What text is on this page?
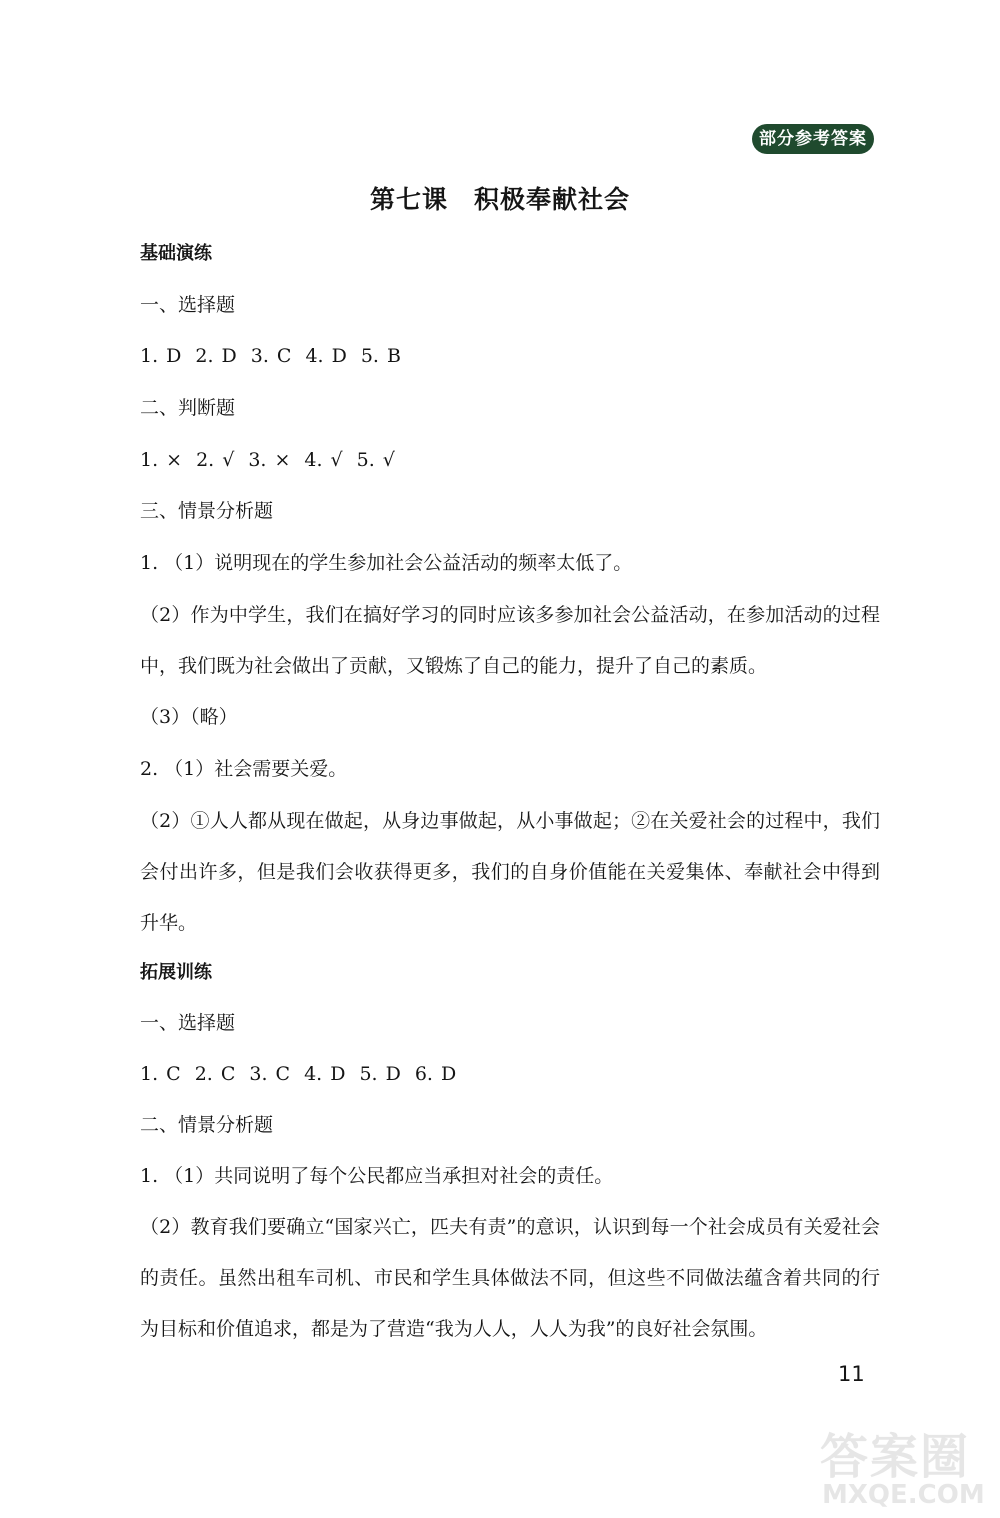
部分参考答案
第七课　积极奉献社会
基础演练
一、选择题
1. D 2. D 3. C 4. D 5. B
二、判断题
1. × 2. √ 3. × 4. √ 5. √
三、情景分析题
1. （1）说明现在的学生参加社会公益活动的频率太低了。
（2）作为中学生，我们在搞好学习的同时应该多参加社会公益活动，在参加活动的过程中，我们既为社会做出了贡献，又锻炼了自己的能力，提升了自己的素质。
（3）（略）
2. （1）社会需要关爱。
（2）①人人都从现在做起，从身边事做起，从小事做起；②在关爱社会的过程中，我们会付出许多，但是我们会收获得更多，我们的自身价值能在关爱集体、奉献社会中得到升华。
拓展训练
一、选择题
1. C 2. C 3. C 4. D 5. D 6. D
二、情景分析题
1. （1）共同说明了每个公民都应当承担对社会的责任。
（2）教育我们要确立“国家兴亡，匹夫有责”的意识，认识到每一个社会成员有关爱社会的责任。虽然出租车司机、市民和学生具体做法不同，但这些不同做法蕴含着共同的行为目标和价值追求，都是为了营造“我为人人，人人为我”的良好社会氛围。
11
答案圈
MXQE.COM
